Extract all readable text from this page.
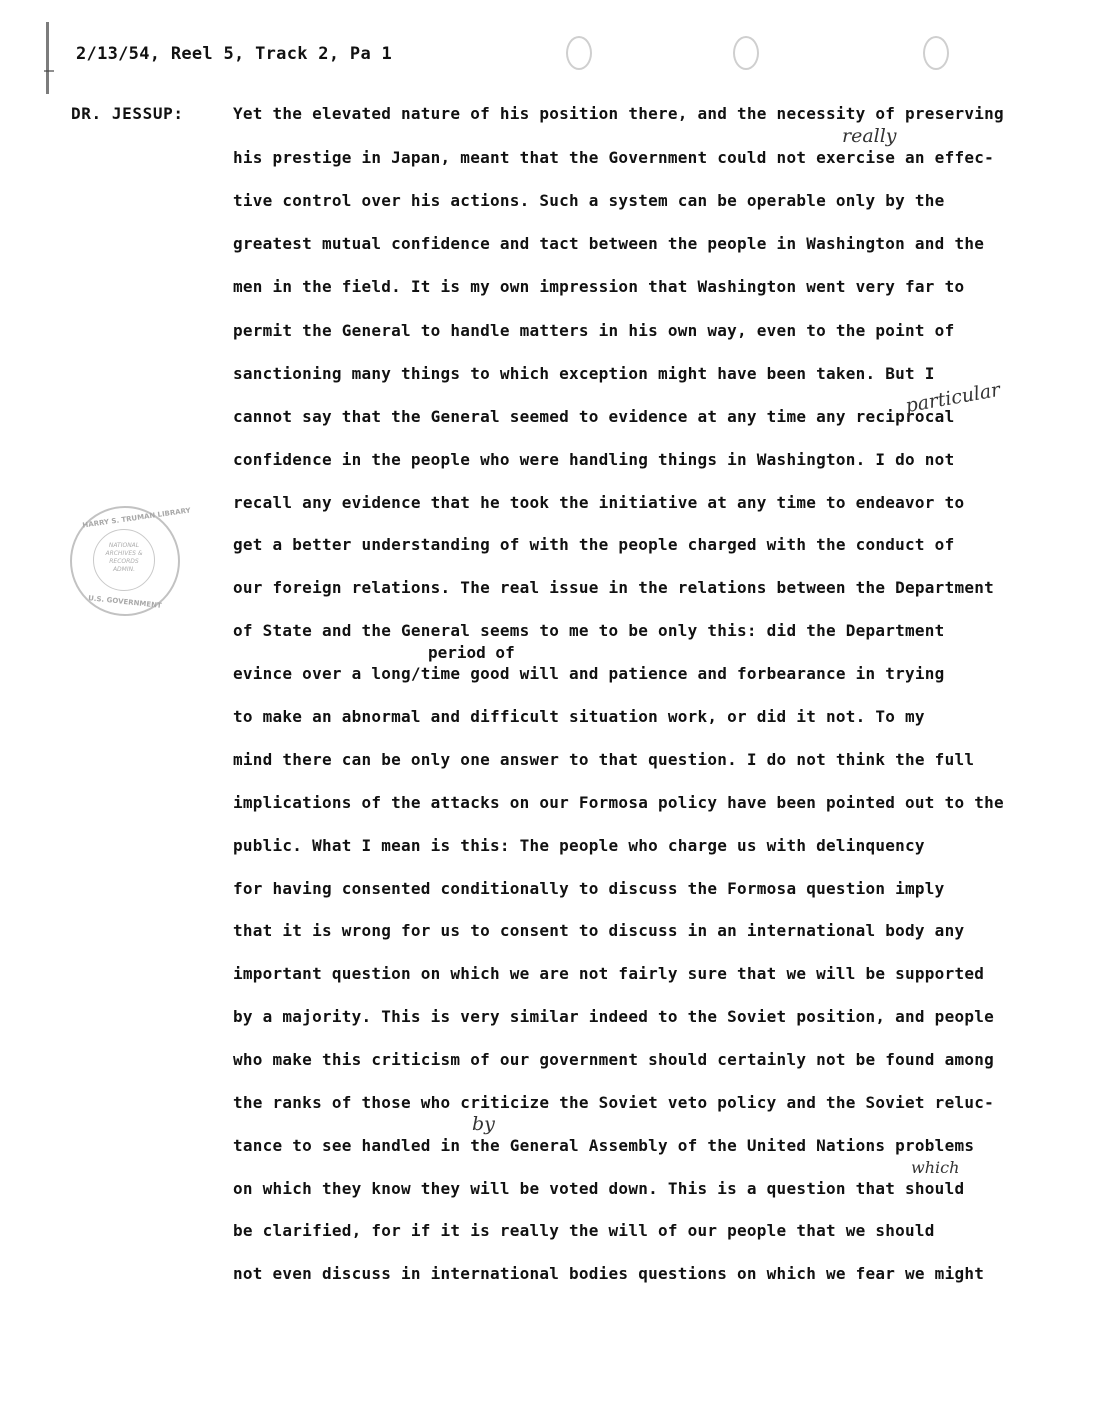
2/13/54, Reel 5, Track 2, Pa 1
DR. JESSUP:	Yet the elevated nature of his position there, and the necessity of preserving
his prestige in Japan, meant that the Government could not exercise an effec-
tive control over his actions. Such a system can be operable only by the
greatest mutual confidence and tact between the people in Washington and the
men in the field. It is my own impression that Washington went very far to
permit the General to handle matters in his own way, even to the point of
sanctioning many things to which exception might have been taken. But I
cannot say that the General seemed to evidence at any time any reciprocal
confidence in the people who were handling things in Washington. I do not
recall any evidence that he took the initiative at any time to endeavor to
get a better understanding of with the people charged with the conduct of
our foreign relations. The real issue in the relations between the Department
of State and the General seems to me to be only this: did the Department
evince over a long/time good will and patience and forbearance in trying
to make an abnormal and difficult situation work, or did it not. To my
mind there can be only one answer to that question. I do not think the full
implications of the attacks on our Formosa policy have been pointed out to the
public. What I mean is this: The people who charge us with delinquency
for having consented conditionally to discuss the Formosa question imply
that it is wrong for us to consent to discuss in an international body any
important question on which we are not fairly sure that we will be supported
by a majority. This is very similar indeed to the Soviet position, and people
who make this criticism of our government should certainly not be found among
the ranks of those who criticize the Soviet veto policy and the Soviet reluc-
tance to see handled in the General Assembly of the United Nations problems
on which they know they will be voted down. This is a question that should
be clarified, for if it is really the will of our people that we should
not even discuss in international bodies questions on which we fear we might
really
particular
period of
by
which
HARRY S. TRUMAN LIBRARY
NATIONAL ARCHIVES & RECORDS ADMIN.
U.S. GOVERNMENT
